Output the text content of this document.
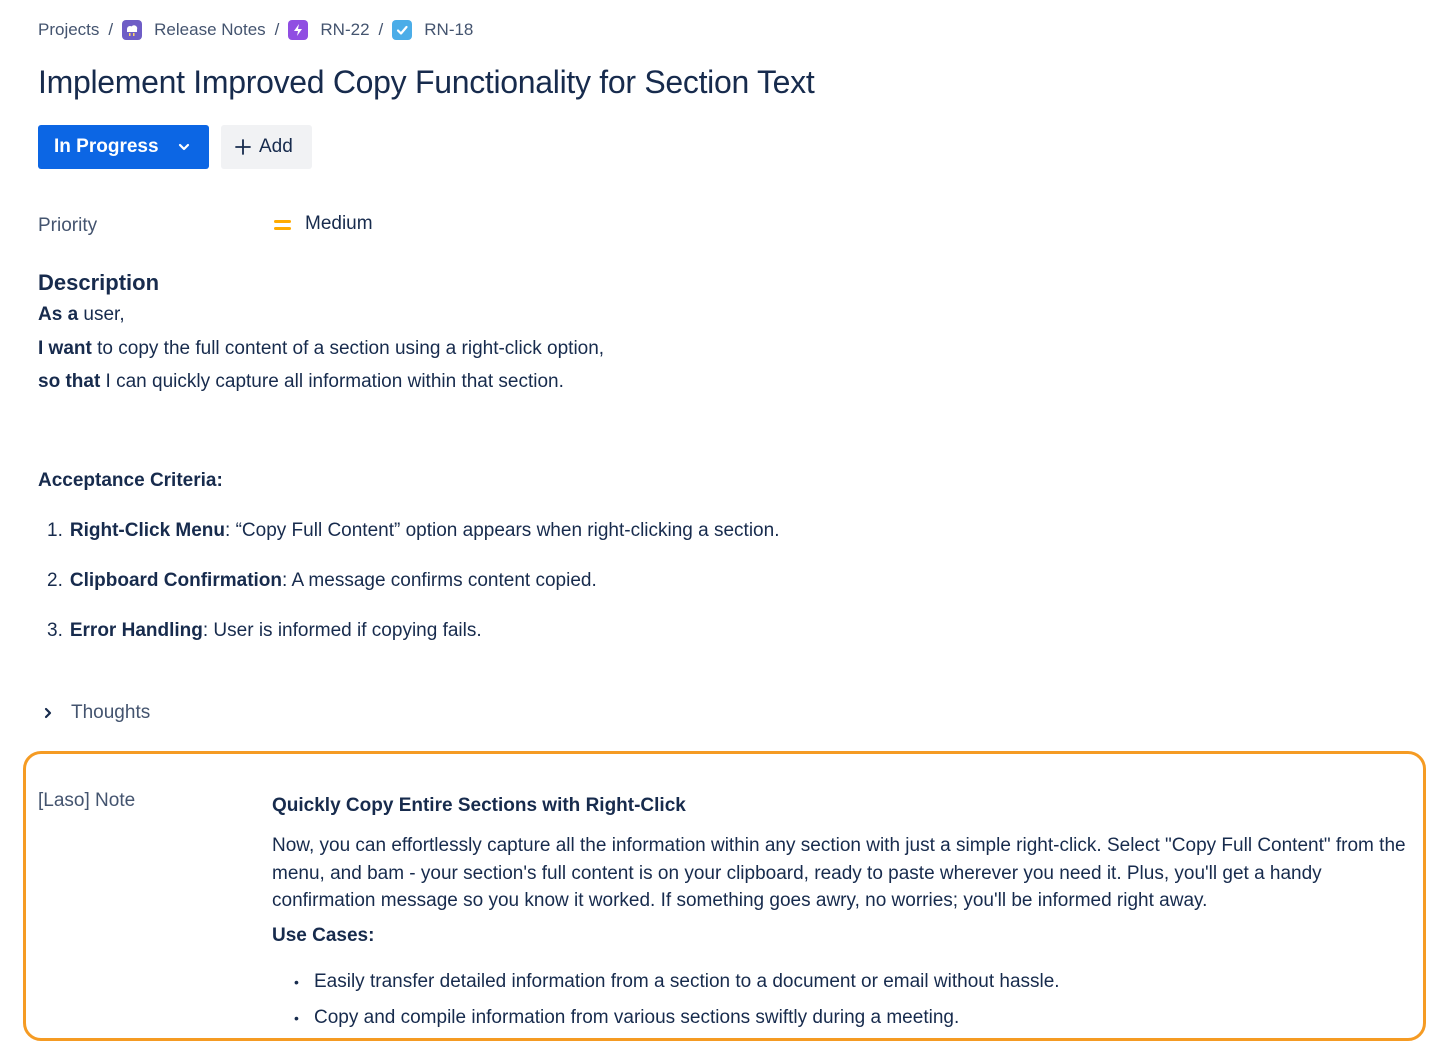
Projects / Release Notes / RN-22 / RN-18
Implement Improved Copy Functionality for Section Text
In Progress	Add
Priority	Medium
Description
As a user,
I want to copy the full content of a section using a right-click option,
so that I can quickly capture all information within that section.
Acceptance Criteria:
1. Right-Click Menu: “Copy Full Content” option appears when right-clicking a section.
2. Clipboard Confirmation: A message confirms content copied.
3. Error Handling: User is informed if copying fails.
Thoughts
[Laso] Note	Quickly Copy Entire Sections with Right-Click
Now, you can effortlessly capture all the information within any section with just a simple right-click. Select "Copy Full Content" from the menu, and bam - your section's full content is on your clipboard, ready to paste wherever you need it. Plus, you'll get a handy confirmation message so you know it worked. If something goes awry, no worries; you'll be informed right away.
Use Cases:
• Easily transfer detailed information from a section to a document or email without hassle.
• Copy and compile information from various sections swiftly during a meeting.
